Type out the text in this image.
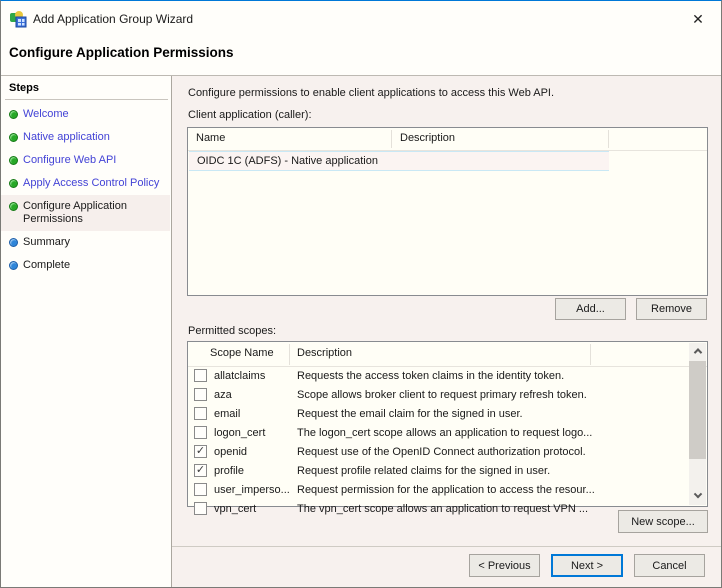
Add Application Group Wizard	✕
Configure Application Permissions
Steps
Welcome
Native application
Configure Web API
Apply Access Control Policy
Configure Application Permissions
Summary
Complete
Configure permissions to enable client applications to access this Web API.
Client application (caller):
Name	Description
OIDC 1C (ADFS) - Native application
Add...	Remove
Permitted scopes:
Scope Name Description
allatclaims	Requests the access token claims in the identity token.
aza	Scope allows broker client to request primary refresh token.
email	Request the email claim for the signed in user.
logon_cert	The logon_cert scope allows an application to request logo...
✓ openid	Request use of the OpenID Connect authorization protocol.
✓ profile	Request profile related claims for the signed in user.
user_imperso... Request permission for the application to access the resour...
vpn_cert	The vpn_cert scope allows an application to request VPN ...
New scope...
< Previous	Next >	Cancel
